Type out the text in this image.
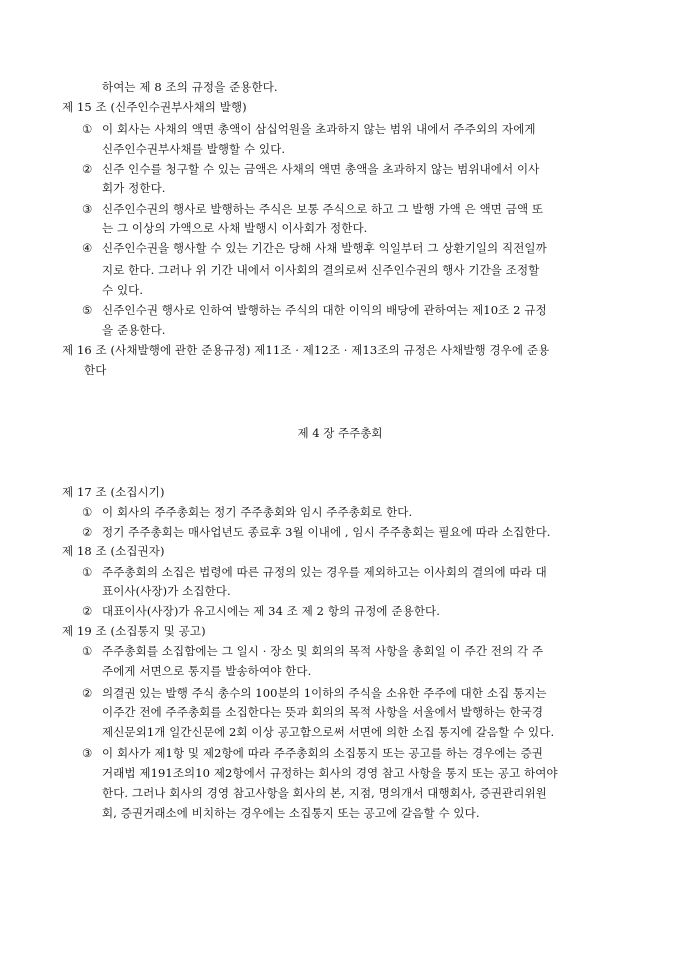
하여는 제 8 조의 규정을 준용한다.
제 15 조 (신주인수권부사채의 발행)
① 이 회사는 사채의 액면 총액이 삼십억원을 초과하지 않는 범위 내에서 주주외의 자에게
신주인수권부사채를 발행할 수 있다.
② 신주 인수를 청구할 수 있는 금액은 사채의 액면 총액을 초과하지 않는 범위내에서 이사
회가 정한다.
③ 신주인수권의 행사로 발행하는 주식은 보통 주식으로 하고 그 발행 가액 은 액면 금액 또
는 그 이상의 가액으로 사채 발행시 이사회가 정한다.
④ 신주인수권을 행사할 수 있는 기간은 당해 사채 발행후 익일부터 그 상환기일의 직전일까
지로 한다. 그러나 위 기간 내에서 이사회의 결의로써 신주인수권의 행사 기간을 조정할
수 있다.
⑤ 신주인수권 행사로 인하여 발행하는 주식의 대한 이익의 배당에 관하여는 제10조 2 규정
을 준용한다.
제 16 조 (사채발행에 관한 준용규정) 제11조 · 제12조 · 제13조의 규정은 사채발행 경우에 준용
한다
제 4 장 주주총회
제 17 조 (소집시기)
① 이 회사의 주주총회는 정기 주주총회와 임시 주주총회로 한다.
② 정기 주주총회는 매사업년도 종료후 3월 이내에 , 임시 주주총회는 필요에 따라 소집한다.
제 18 조 (소집권자)
① 주주총회의 소집은 법령에 따른 규정의 있는 경우를 제외하고는 이사회의 결의에 따라 대
표이사(사장)가 소집한다.
② 대표이사(사장)가 유고시에는 제 34 조 제 2 항의 규정에 준용한다.
제 19 조 (소집통지 및 공고)
① 주주총회를 소집함에는 그 일시 · 장소 및 회의의 목적 사항을 총회일 이 주간 전의 각 주
주에게 서면으로 통지를 발송하여야 한다.
② 의결권 있는 발행 주식 총수의 100분의 1이하의 주식을 소유한 주주에 대한 소집 통지는
이주간 전에 주주총회를 소집한다는 뜻과 회의의 목적 사항을 서울에서 발행하는 한국경
제신문외1개 일간신문에 2회 이상 공고함으로써 서면에 의한 소집 통지에 갈음할 수 있다.
③ 이 회사가 제1항 및 제2항에 따라 주주총회의 소집통지 또는 공고를 하는 경우에는 증권
거래법 제191조의10 제2항에서 규정하는 회사의 경영 참고 사항을 통지 또는 공고 하여야
한다. 그러나 회사의 경영 참고사항을 회사의 본, 지점, 명의개서 대행회사, 증권관리위원
회, 증권거래소에 비치하는 경우에는 소집통지 또는 공고에 갈음할 수 있다.
